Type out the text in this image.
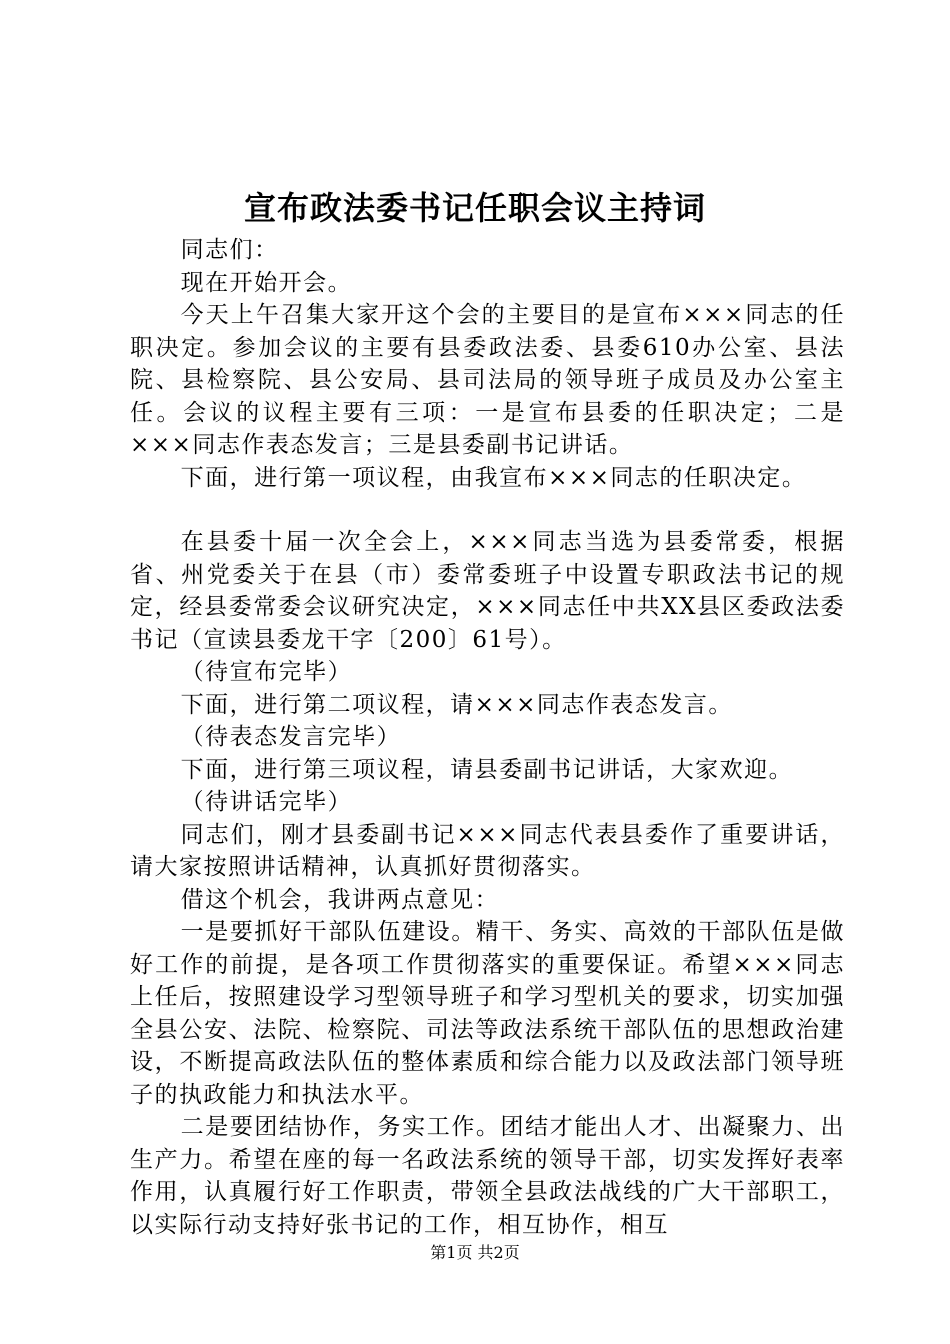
宣布政法委书记任职会议主持词

同志们：

现在开始开会。

今天上午召集大家开这个会的主要目的是宣布×××同志的任职决定。参加会议的主要有县委政法委、县委610办公室、县法院、县检察院、县公安局、县司法局的领导班子成员及办公室主任。会议的议程主要有三项：一是宣布县委的任职决定；二是×××同志作表态发言；三是县委副书记讲话。

下面，进行第一项议程，由我宣布×××同志的任职决定。

在县委十届一次全会上，×××同志当选为县委常委，根据省、州党委关于在县（市）委常委班子中设置专职政法书记的规定，经县委常委会议研究决定，×××同志任中共XX县区委政法委书记（宣读县委龙干字〔200〕61号）。

（待宣布完毕）

下面，进行第二项议程，请×××同志作表态发言。

（待表态发言完毕）

下面，进行第三项议程，请县委副书记讲话，大家欢迎。

（待讲话完毕）

同志们，刚才县委副书记×××同志代表县委作了重要讲话，请大家按照讲话精神，认真抓好贯彻落实。

借这个机会，我讲两点意见：

一是要抓好干部队伍建设。精干、务实、高效的干部队伍是做好工作的前提，是各项工作贯彻落实的重要保证。希望×××同志上任后，按照建设学习型领导班子和学习型机关的要求，切实加强全县公安、法院、检察院、司法等政法系统干部队伍的思想政治建设，不断提高政法队伍的整体素质和综合能力以及政法部门领导班子的执政能力和执法水平。

二是要团结协作，务实工作。团结才能出人才、出凝聚力、出生产力。希望在座的每一名政法系统的领导干部，切实发挥好表率作用，认真履行好工作职责，带领全县政法战线的广大干部职工，以实际行动支持好张书记的工作，相互协作，相互

第1页 共2页
